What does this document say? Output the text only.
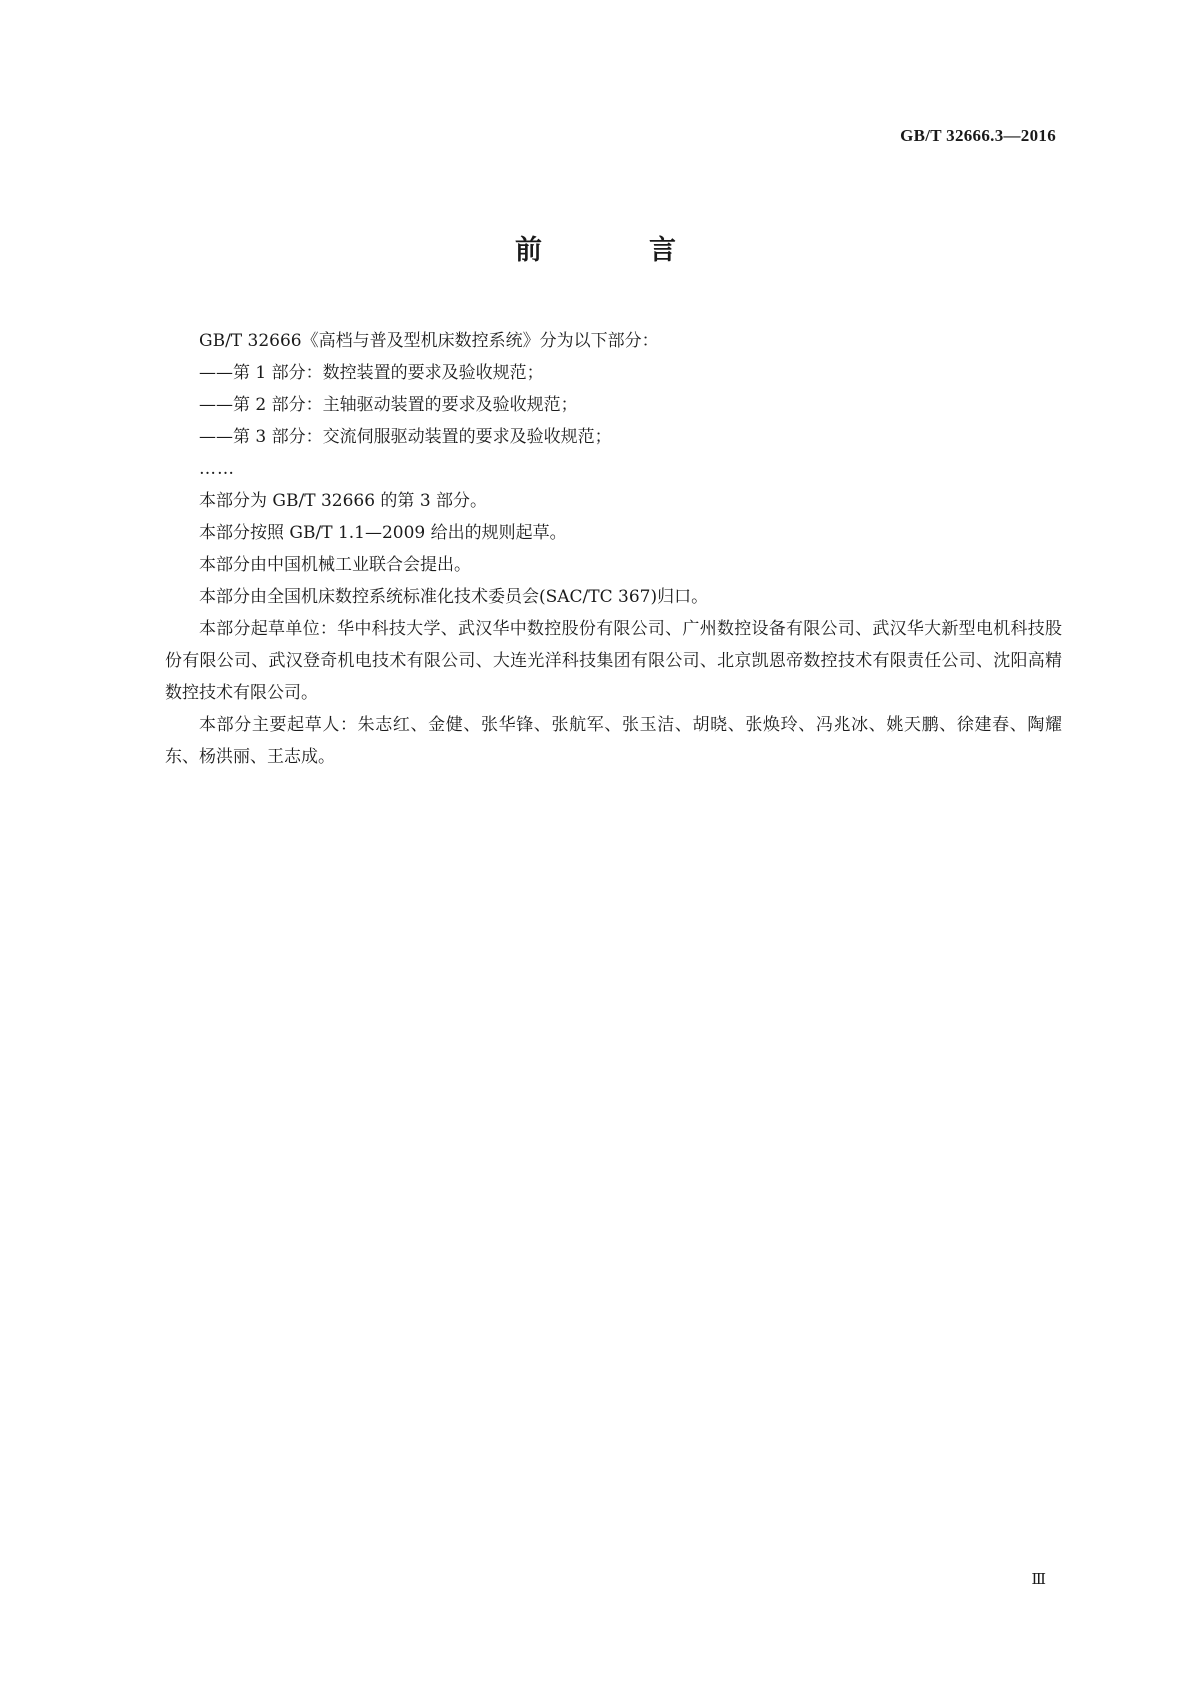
GB/T 32666.3—2016
前　言

GB/T 32666《高档与普及型机床数控系统》分为以下部分：

——第 1 部分：数控装置的要求及验收规范；

——第 2 部分：主轴驱动装置的要求及验收规范；

——第 3 部分：交流伺服驱动装置的要求及验收规范；

……

本部分为 GB/T 32666 的第 3 部分。

本部分按照 GB/T 1.1—2009 给出的规则起草。

本部分由中国机械工业联合会提出。

本部分由全国机床数控系统标准化技术委员会(SAC/TC 367)归口。

本部分起草单位：华中科技大学、武汉华中数控股份有限公司、广州数控设备有限公司、武汉华大新型电机科技股份有限公司、武汉登奇机电技术有限公司、大连光洋科技集团有限公司、北京凯恩帝数控技术有限责任公司、沈阳高精数控技术有限公司。

本部分主要起草人：朱志红、金健、张华锋、张航军、张玉洁、胡晓、张焕玲、冯兆冰、姚天鹏、徐建春、陶耀东、杨洪丽、王志成。

Ⅲ
